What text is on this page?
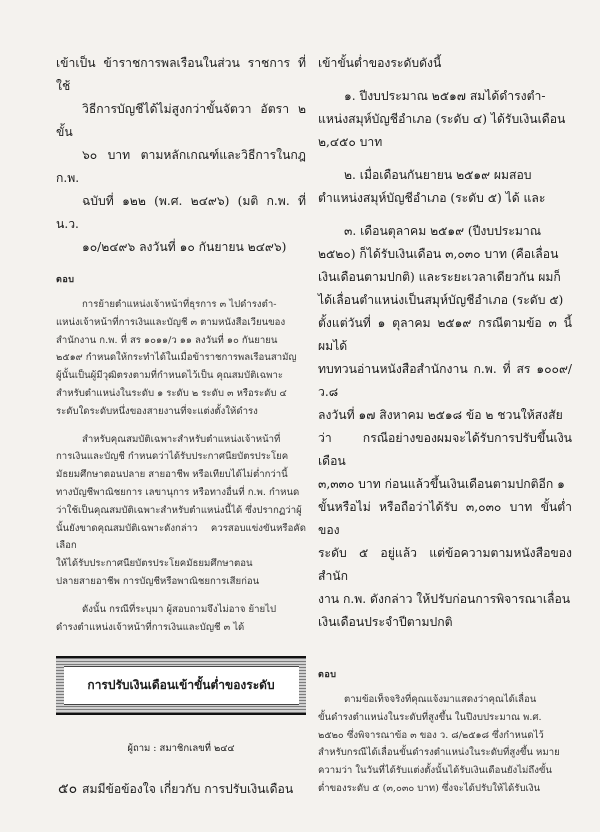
เข้าเป็น ข้าราชการพลเรือนในส่วน ราชการ ที่ใช้

วิธีการบัญชีได้ไม่สูงกว่าขั้นจัตวา อัตรา ๒ ขั้น

๖๐ บาท ตามหลักเกณฑ์และวิธีการในกฎ ก.พ.

ฉบับที่ ๑๒๒ (พ.ศ. ๒๔๙๖) (มติ ก.พ. ที่ น.ว.

๑๐/๒๔๙๖ ลงวันที่ ๑๐ กันยายน ๒๔๙๖)

ตอบ

การย้ายตำแหน่งเจ้าหน้าที่ธุรการ ๓ ไปดำรงตำ-

แหน่งเจ้าหน้าที่การเงินและบัญชี ๓ ตามหนังสือเวียนของ

สำนักงาน ก.พ. ที่ สร ๑๐๑๑/ว ๑๑ ลงวันที่ ๑๐ กันยายน

๒๕๑๙ กำหนดให้กระทำได้ในเมื่อข้าราชการพลเรือนสามัญ

ผู้นั้นเป็นผู้มีวุฒิตรงตามที่กำหนดไว้เป็น คุณสมบัติเฉพาะ

สำหรับตำแหน่งในระดับ ๑ ระดับ ๒ ระดับ ๓ หรือระดับ ๔

ระดับใดระดับหนึ่งของสายงานที่จะแต่งตั้งให้ดำรง

สำหรับคุณสมบัติเฉพาะสำหรับตำแหน่งเจ้าหน้าที่

การเงินและบัญชี กำหนดว่าได้รับประกาศนียบัตรประโยค

มัธยมศึกษาตอนปลาย สายอาชีพ หรือเทียบได้ไม่ต่ำกว่านี้

ทางบัญชีพาณิชยการ เลขานุการ หรือทางอื่นที่ ก.พ. กำหนด

ว่าใช้เป็นคุณสมบัติเฉพาะสำหรับตำแหน่งนี้ได้ ซึ่งปรากฏว่าผู้

นั้นยังขาดคุณสมบัติเฉพาะดังกล่าว ควรสอบแข่งขันหรือคัดเลือก

ให้ได้รับประกาศนียบัตรประโยคมัธยมศึกษาตอน

ปลายสายอาชีพ การบัญชีหรือพาณิชยการเสียก่อน

ดังนั้น กรณีที่ระบุมา ผู้สอบถามจึงไม่อาจ ย้ายไป

ดำรงตำแหน่งเจ้าหน้าที่การเงินและบัญชี ๓ ได้

การปรับเงินเดือนเข้าขั้นต่ำของระดับ
ผู้ถาม : สมาชิกเลขที่ ๒๔๔

สมมีข้อข้องใจ เกี่ยวกับ การปรับเงินเดือน

เข้าขั้นต่ำของระดับดังนี้

๑. ปีงบประมาณ ๒๕๑๗ สมได้ดำรงตำ-

แหน่งสมุห์บัญชีอำเภอ (ระดับ ๔) ได้รับเงินเดือน

๒,๔๕๐ บาท

๒. เมื่อเดือนกันยายน ๒๕๑๙ ผมสอบ

ตำแหน่งสมุห์บัญชีอำเภอ (ระดับ ๕) ได้ และ

๓. เดือนตุลาคม ๒๕๑๙ (ปีงบประมาณ

๒๕๒๐) ก็ได้รับเงินเดือน ๓,๐๓๐ บาท (คือเลื่อน

เงินเดือนตามปกติ) และระยะเวลาเดียวกัน ผมก็

ได้เลื่อนตำแหน่งเป็นสมุห์บัญชีอำเภอ (ระดับ ๕)

ตั้งแต่วันที่ ๑ ตุลาคม ๒๕๑๙ กรณีตามข้อ ๓ นี้ ผมได้

ทบทวนอ่านหนังสือสำนักงาน ก.พ. ที่ สร ๑๐๐๙/ว.๘

ลงวันที่ ๑๗ สิงหาคม ๒๕๑๘ ข้อ ๒ ชวนให้สงสัย

ว่า กรณีอย่างของผมจะได้รับการปรับขึ้นเงินเดือน

๓,๓๓๐ บาท ก่อนแล้วขึ้นเงินเดือนตามปกติอีก ๑

ขั้นหรือไม่ หรือถือว่าได้รับ ๓,๐๓๐ บาท ขั้นต่ำของ

ระดับ ๕ อยู่แล้ว แต่ข้อความตามหนังสือของสำนัก

งาน ก.พ. ดังกล่าว ให้ปรับก่อนการพิจารณาเลื่อน

เงินเดือนประจำปีตามปกติ

ตอบ

ตามข้อเท็จจริงที่คุณแจ้งมาแสดงว่าคุณได้เลื่อน

ขั้นดำรงตำแหน่งในระดับที่สูงขึ้น ในปีงบประมาณ พ.ศ.

๒๕๒๐ ซึ่งพิจารณาข้อ ๓ ของ ว. ๘/๒๕๑๘ ซึ่งกำหนดไว้

สำหรับกรณีได้เลื่อนขั้นดำรงตำแหน่งในระดับที่สูงขึ้น หมาย

ความว่า ในวันที่ได้รับแต่งตั้งนั้นได้รับเงินเดือนยังไม่ถึงขั้น

ต่ำของระดับ ๕ (๓,๐๓๐ บาท) ซึ่งจะได้ปรับให้ได้รับเงิน

๕๐
